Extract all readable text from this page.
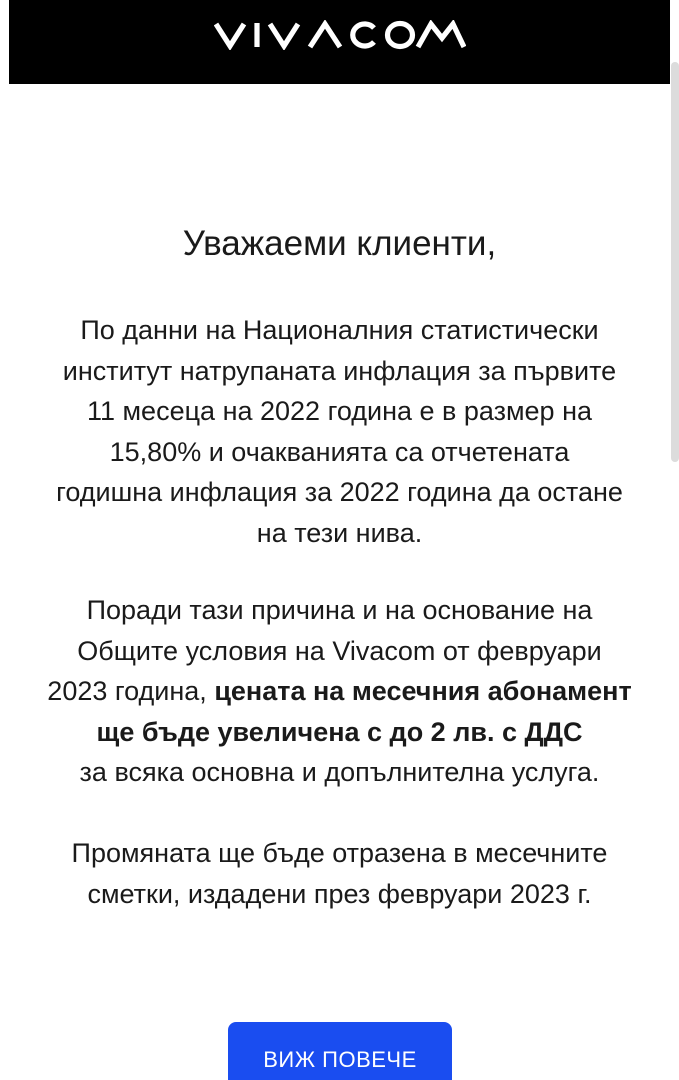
Уважаеми клиенти,

По данни на Националния статистически
институт натрупаната инфлация за първите
11 месеца на 2022 година е в размер на
15,80% и очакванията са отчетената
годишна инфлация за 2022 година да остане
на тези нива.

Поради тази причина и на основание на
Общите условия на Vivacom от февруари
2023 година, цената на месечния абонамент
ще бъде увеличена с до 2 лв. с ДДС
за всяка основна и допълнителна услуга.

Промяната ще бъде отразена в месечните
сметки, издадени през февруари 2023 г.

ВИЖ ПОВЕЧЕ
